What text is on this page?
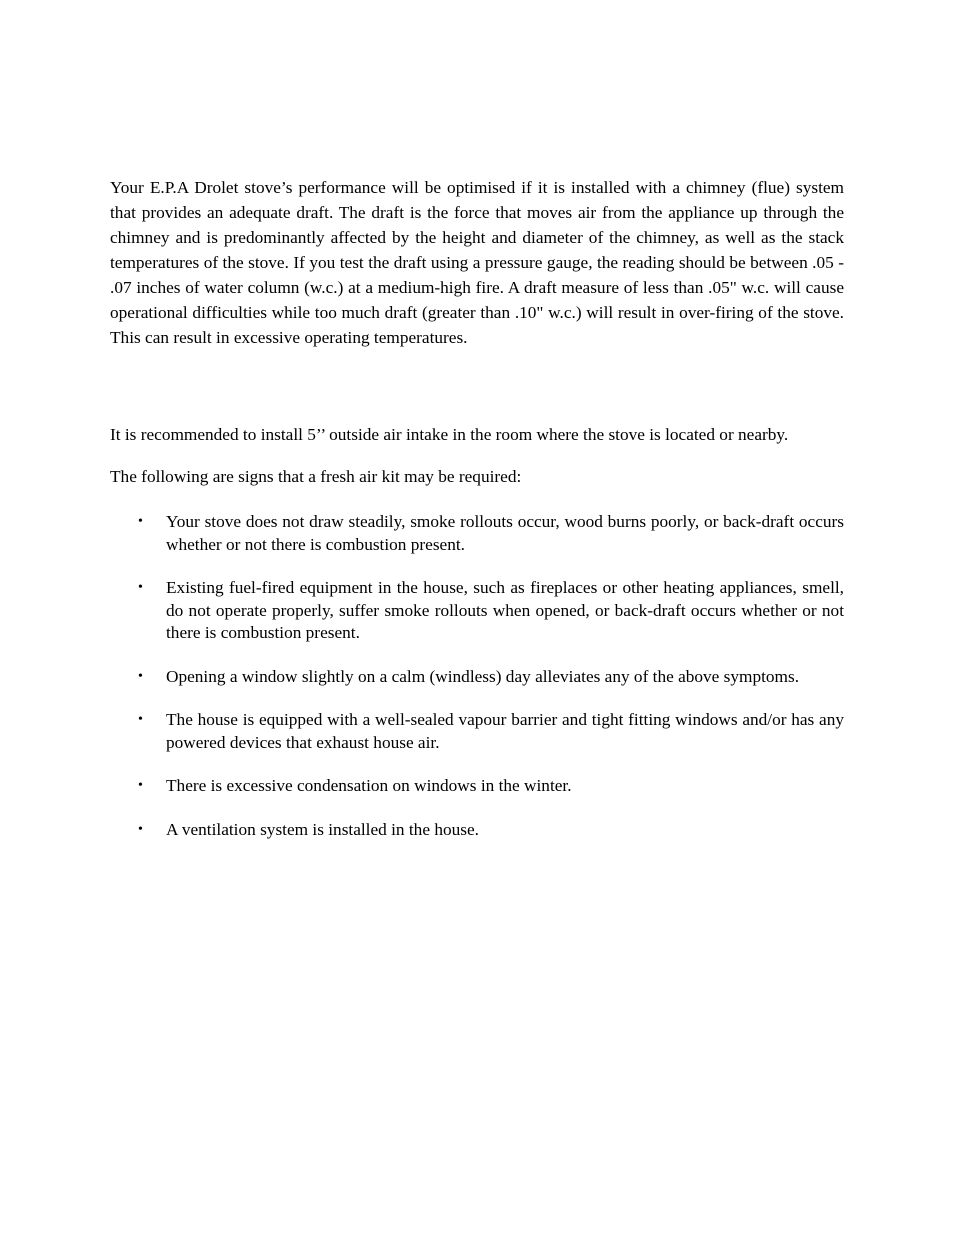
Your E.P.A Drolet stove’s performance will be optimised if it is installed with a chimney (flue) system that provides an adequate draft. The draft is the force that moves air from the appliance up through the chimney and is predominantly affected by the height and diameter of the chimney, as well as the stack temperatures of the stove. If you test the draft using a pressure gauge, the reading should be between .05 - .07 inches of water column (w.c.) at a medium-high fire. A draft measure of less than .05" w.c. will cause operational difficulties while too much draft (greater than .10" w.c.) will result in over-firing of the stove. This can result in excessive operating temperatures.

It is recommended to install 5’’ outside air intake in the room where the stove is located or nearby.

The following are signs that a fresh air kit may be required:

• Your stove does not draw steadily, smoke rollouts occur, wood burns poorly, or back-draft occurs whether or not there is combustion present.
• Existing fuel-fired equipment in the house, such as fireplaces or other heating appliances, smell, do not operate properly, suffer smoke rollouts when opened, or back-draft occurs whether or not there is combustion present.
• Opening a window slightly on a calm (windless) day alleviates any of the above symptoms.
• The house is equipped with a well-sealed vapour barrier and tight fitting windows and/or has any powered devices that exhaust house air.
• There is excessive condensation on windows in the winter.
• A ventilation system is installed in the house.
